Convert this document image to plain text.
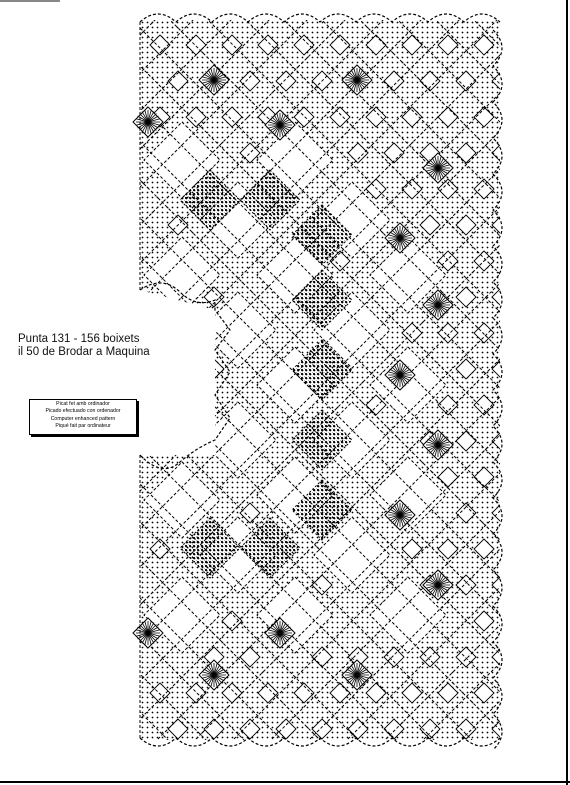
Punta 131 - 156 boixets
il 50 de Brodar a Maquina
Picat fet amb ordinador
Picado efectuado con ordenador
Computer enhanced pattern
Piqué fait par ordinateur
